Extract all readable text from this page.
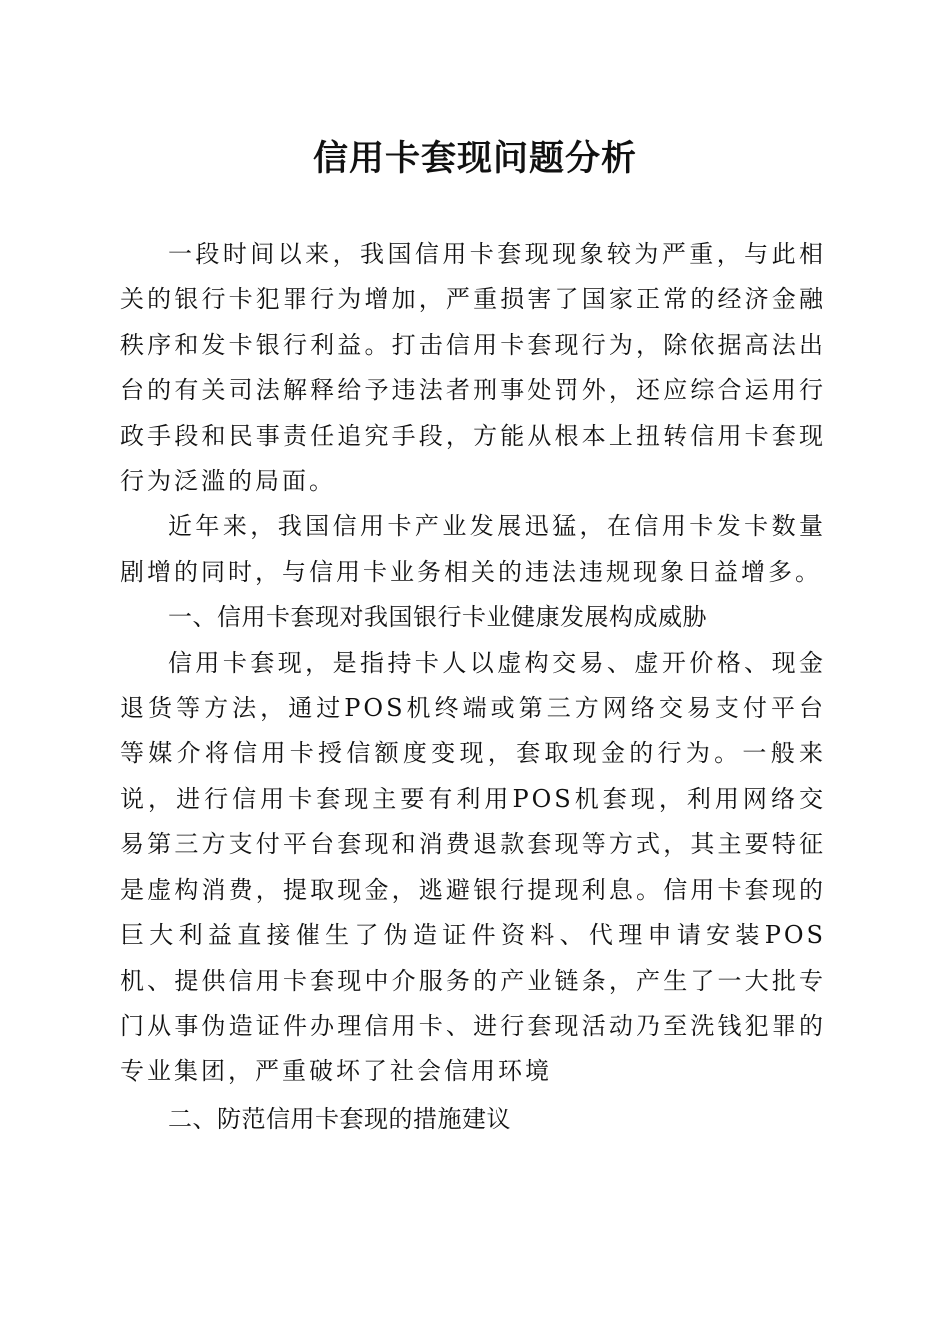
信用卡套现问题分析

一段时间以来，我国信用卡套现现象较为严重，与此相关的银行卡犯罪行为增加，严重损害了国家正常的经济金融秩序和发卡银行利益。打击信用卡套现行为，除依据高法出台的有关司法解释给予违法者刑事处罚外，还应综合运用行政手段和民事责任追究手段，方能从根本上扭转信用卡套现行为泛滥的局面。

近年来，我国信用卡产业发展迅猛，在信用卡发卡数量剧增的同时，与信用卡业务相关的违法违规现象日益增多。

一、信用卡套现对我国银行卡业健康发展构成威胁

信用卡套现，是指持卡人以虚构交易、虚开价格、现金退货等方法，通过POS机终端或第三方网络交易支付平台等媒介将信用卡授信额度变现，套取现金的行为。一般来说，进行信用卡套现主要有利用POS机套现，利用网络交易第三方支付平台套现和消费退款套现等方式，其主要特征是虚构消费，提取现金，逃避银行提现利息。信用卡套现的巨大利益直接催生了伪造证件资料、代理申请安装POS机、提供信用卡套现中介服务的产业链条，产生了一大批专门从事伪造证件办理信用卡、进行套现活动乃至洗钱犯罪的专业集团，严重破坏了社会信用环境

二、防范信用卡套现的措施建议
